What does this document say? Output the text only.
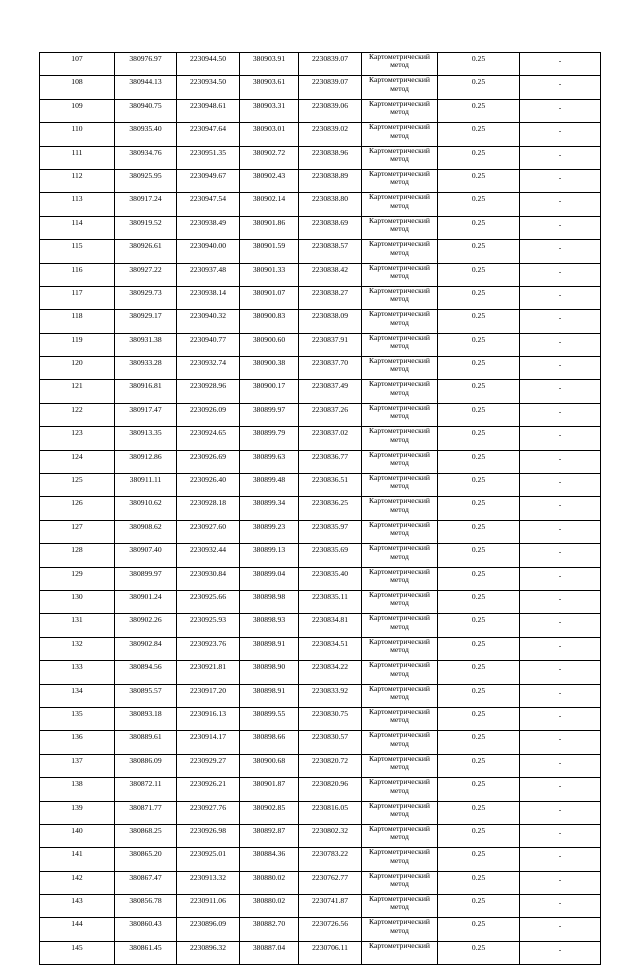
107	380976.97	2230944.50	380903.91	2230839.07	Картометрический метод	0.25	-
108	380944.13	2230934.50	380903.61	2230839.07	Картометрический метод	0.25	-
109	380940.75	2230948.61	380903.31	2230839.06	Картометрический метод	0.25	-
110	380935.40	2230947.64	380903.01	2230839.02	Картометрический метод	0.25	-
111	380934.76	2230951.35	380902.72	2230838.96	Картометрический метод	0.25	-
112	380925.95	2230949.67	380902.43	2230838.89	Картометрический метод	0.25	-
113	380917.24	2230947.54	380902.14	2230838.80	Картометрический метод	0.25	-
114	380919.52	2230938.49	380901.86	2230838.69	Картометрический метод	0.25	-
115	380926.61	2230940.00	380901.59	2230838.57	Картометрический метод	0.25	-
116	380927.22	2230937.48	380901.33	2230838.42	Картометрический метод	0.25	-
117	380929.73	2230938.14	380901.07	2230838.27	Картометрический метод	0.25	-
118	380929.17	2230940.32	380900.83	2230838.09	Картометрический метод	0.25	-
119	380931.38	2230940.77	380900.60	2230837.91	Картометрический метод	0.25	-
120	380933.28	2230932.74	380900.38	2230837.70	Картометрический метод	0.25	-
121	380916.81	2230928.96	380900.17	2230837.49	Картометрический метод	0.25	-
122	380917.47	2230926.09	380899.97	2230837.26	Картометрический метод	0.25	-
123	380913.35	2230924.65	380899.79	2230837.02	Картометрический метод	0.25	-
124	380912.86	2230926.69	380899.63	2230836.77	Картометрический метод	0.25	-
125	380911.11	2230926.40	380899.48	2230836.51	Картометрический метод	0.25	-
126	380910.62	2230928.18	380899.34	2230836.25	Картометрический метод	0.25	-
127	380908.62	2230927.60	380899.23	2230835.97	Картометрический метод	0.25	-
128	380907.40	2230932.44	380899.13	2230835.69	Картометрический метод	0.25	-
129	380899.97	2230930.84	380899.04	2230835.40	Картометрический метод	0.25	-
130	380901.24	2230925.66	380898.98	2230835.11	Картометрический метод	0.25	-
131	380902.26	2230925.93	380898.93	2230834.81	Картометрический метод	0.25	-
132	380902.84	2230923.76	380898.91	2230834.51	Картометрический метод	0.25	-
133	380894.56	2230921.81	380898.90	2230834.22	Картометрический метод	0.25	-
134	380895.57	2230917.20	380898.91	2230833.92	Картометрический метод	0.25	-
135	380893.18	2230916.13	380899.55	2230830.75	Картометрический метод	0.25	-
136	380889.61	2230914.17	380898.66	2230830.57	Картометрический метод	0.25	-
137	380886.09	2230929.27	380900.68	2230820.72	Картометрический метод	0.25	-
138	380872.11	2230926.21	380901.87	2230820.96	Картометрический метод	0.25	-
139	380871.77	2230927.76	380902.85	2230816.05	Картометрический метод	0.25	-
140	380868.25	2230926.98	380892.87	2230802.32	Картометрический метод	0.25	-
141	380865.20	2230925.01	380884.36	2230783.22	Картометрический метод	0.25	-
142	380867.47	2230913.32	380880.02	2230762.77	Картометрический метод	0.25	-
143	380856.78	2230911.06	380880.02	2230741.87	Картометрический метод	0.25	-
144	380860.43	2230896.09	380882.70	2230726.56	Картометрический метод	0.25	-
145	380861.45	2230896.32	380887.04	2230706.11	Картометрический	0.25	-
